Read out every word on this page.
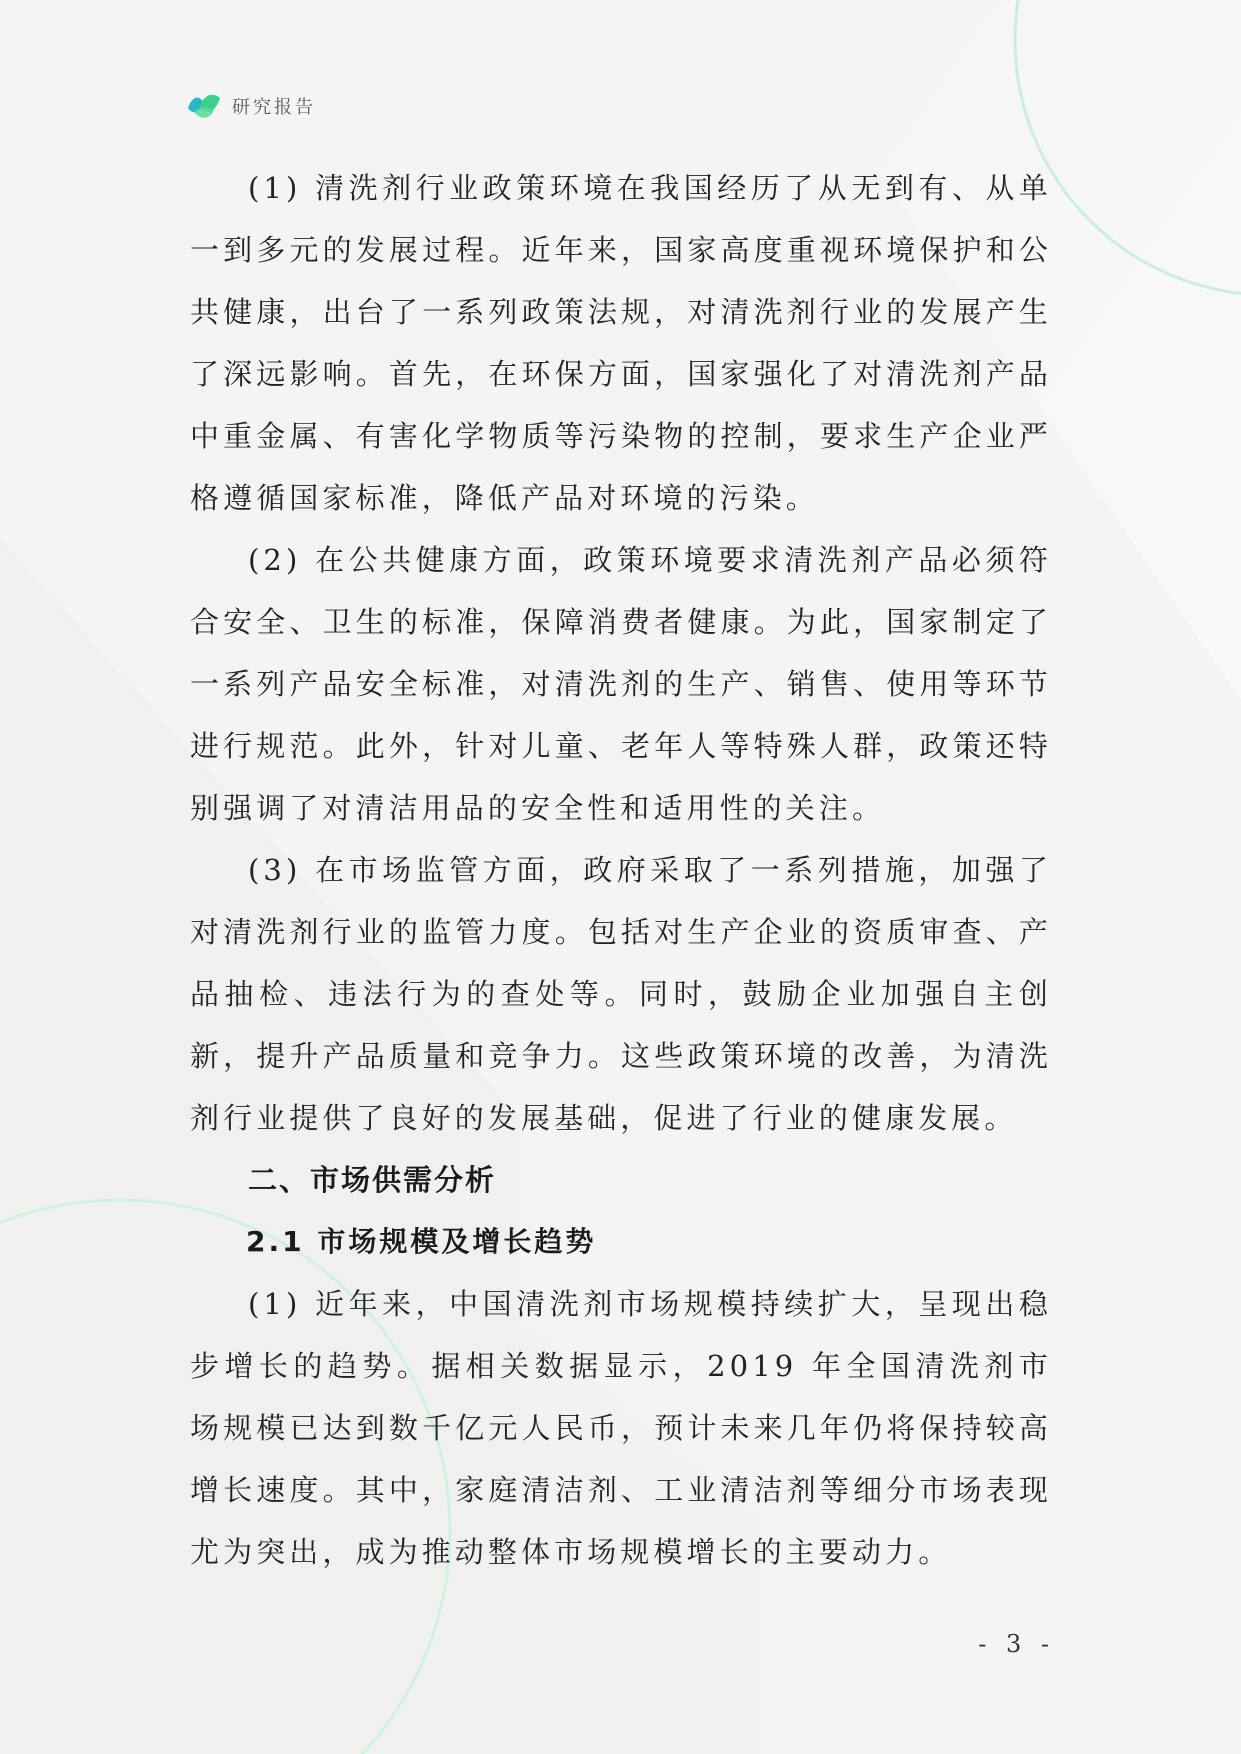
研究报告

(1) 清洗剂行业政策环境在我国经历了从无到有、从单一到多元的发展过程。近年来，国家高度重视环境保护和公共健康，出台了一系列政策法规，对清洗剂行业的发展产生了深远影响。首先，在环保方面，国家强化了对清洗剂产品中重金属、有害化学物质等污染物的控制，要求生产企业严格遵循国家标准，降低产品对环境的污染。

(2) 在公共健康方面，政策环境要求清洗剂产品必须符合安全、卫生的标准，保障消费者健康。为此，国家制定了一系列产品安全标准，对清洗剂的生产、销售、使用等环节进行规范。此外，针对儿童、老年人等特殊人群，政策还特别强调了对清洁用品的安全性和适用性的关注。

(3) 在市场监管方面，政府采取了一系列措施，加强了对清洗剂行业的监管力度。包括对生产企业的资质审查、产品抽检、违法行为的查处等。同时，鼓励企业加强自主创新，提升产品质量和竞争力。这些政策环境的改善，为清洗剂行业提供了良好的发展基础，促进了行业的健康发展。

二、市场供需分析
2.1 市场规模及增长趋势

(1) 近年来，中国清洗剂市场规模持续扩大，呈现出稳步增长的趋势。据相关数据显示，2019 年全国清洗剂市场规模已达到数千亿元人民币，预计未来几年仍将保持较高增长速度。其中，家庭清洁剂、工业清洁剂等细分市场表现尤为突出，成为推动整体市场规模增长的主要动力。

- 3 -
